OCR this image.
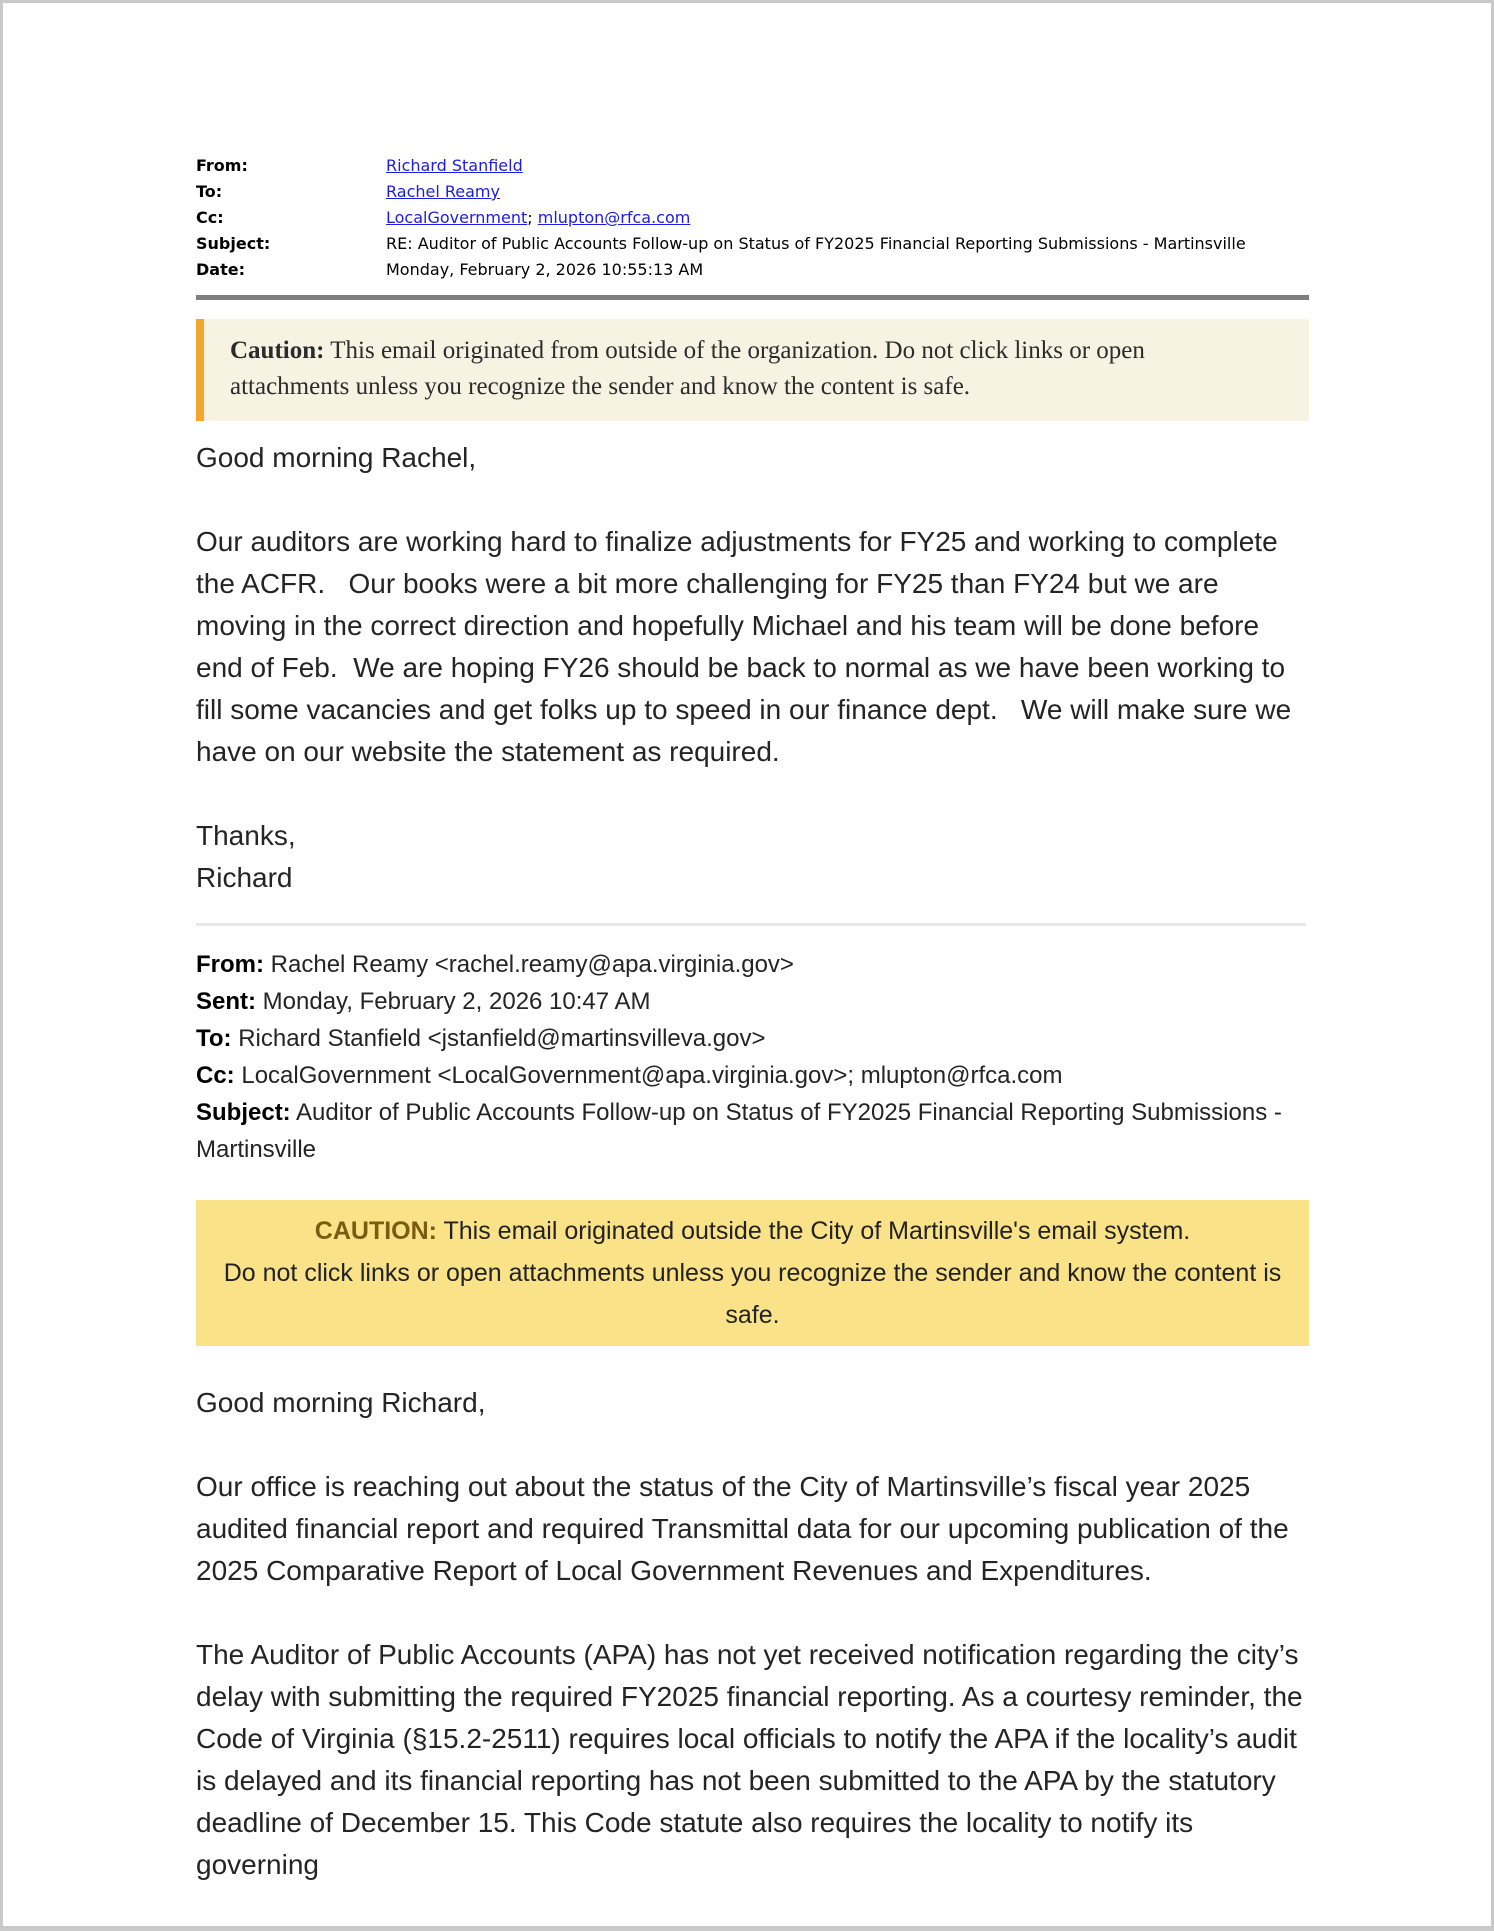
From:	Richard Stanfield
To:	Rachel Reamy
Cc:	LocalGovernment; mlupton@rfca.com
Subject:	RE: Auditor of Public Accounts Follow-up on Status of FY2025 Financial Reporting Submissions - Martinsville
Date:	Monday, February 2, 2026 10:55:13 AM
Caution: This email originated from outside of the organization. Do not click links or open attachments unless you recognize the sender and know the content is safe.
Good morning Rachel,
Our auditors are working hard to finalize adjustments for FY25 and working to complete the ACFR.   Our books were a bit more challenging for FY25 than FY24 but we are moving in the correct direction and hopefully Michael and his team will be done before end of Feb.  We are hoping FY26 should be back to normal as we have been working to fill some vacancies and get folks up to speed in our finance dept.   We will make sure we have on our website the statement as required.
Thanks,
Richard
From: Rachel Reamy <rachel.reamy@apa.virginia.gov>
Sent: Monday, February 2, 2026 10:47 AM
To: Richard Stanfield <jstanfield@martinsvilleva.gov>
Cc: LocalGovernment <LocalGovernment@apa.virginia.gov>; mlupton@rfca.com
Subject: Auditor of Public Accounts Follow-up on Status of FY2025 Financial Reporting Submissions - Martinsville
CAUTION: This email originated outside the City of Martinsville's email system.
Do not click links or open attachments unless you recognize the sender and know the content is safe.
Good morning Richard,
Our office is reaching out about the status of the City of Martinsville’s fiscal year 2025 audited financial report and required Transmittal data for our upcoming publication of the 2025 Comparative Report of Local Government Revenues and Expenditures.
The Auditor of Public Accounts (APA) has not yet received notification regarding the city’s delay with submitting the required FY2025 financial reporting. As a courtesy reminder, the Code of Virginia (§15.2-2511) requires local officials to notify the APA if the locality’s audit is delayed and its financial reporting has not been submitted to the APA by the statutory deadline of December 15. This Code statute also requires the locality to notify its governing
